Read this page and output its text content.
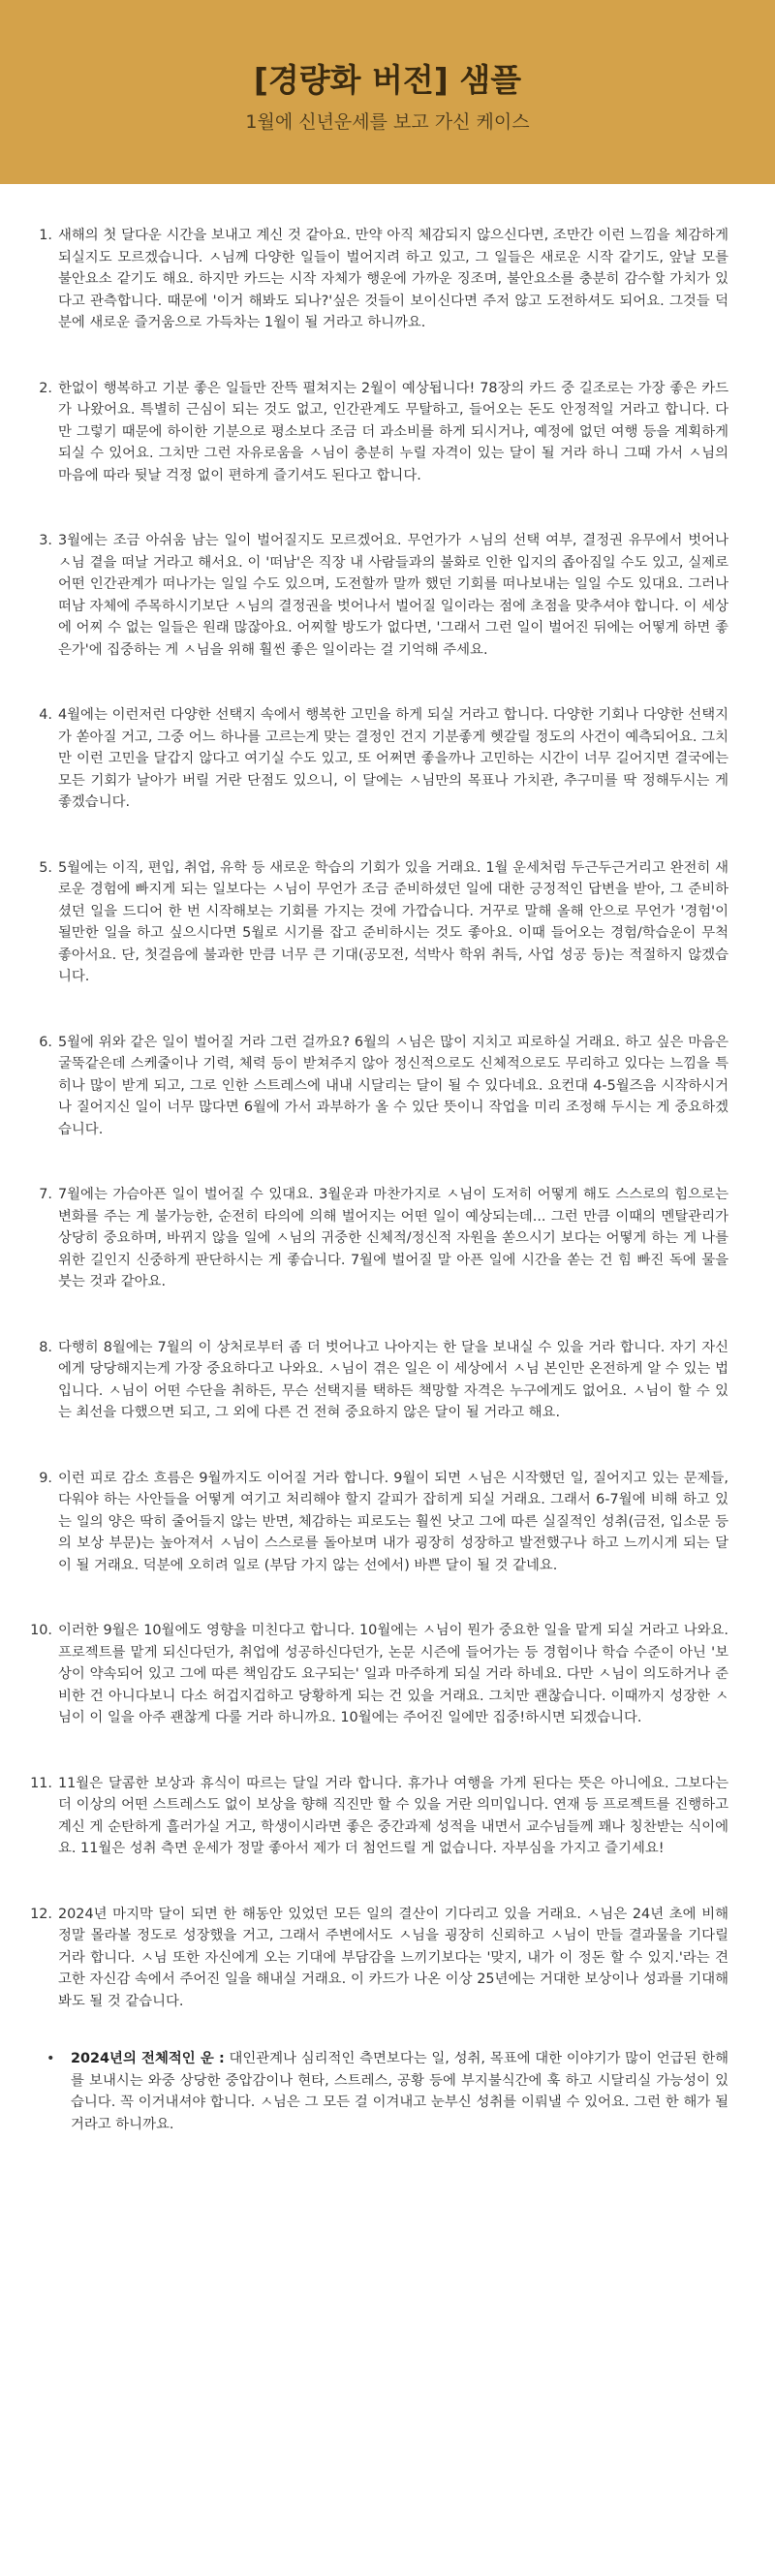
[경량화 버전] 샘플
1월에 신년운세를 보고 가신 케이스
1. 새해의 첫 달다운 시간을 보내고 계신 것 같아요. 만약 아직 체감되지 않으신다면, 조만간 이런 느낌을 체감하게 되실지도 모르겠습니다. ㅅ님께 다양한 일들이 벌어지려 하고 있고, 그 일들은 새로운 시작 같기도, 앞날 모를 불안요소 같기도 해요. 하지만 카드는 시작 자체가 행운에 가까운 징조며, 불안요소를 충분히 감수할 가치가 있다고 관측합니다. 때문에 '이거 해봐도 되나?'싶은 것들이 보이신다면 주저 않고 도전하셔도 되어요. 그것들 덕분에 새로운 즐거움으로 가득차는 1월이 될 거라고 하니까요.
2. 한없이 행복하고 기분 좋은 일들만 잔뜩 펼쳐지는 2월이 예상됩니다! 78장의 카드 중 길조로는 가장 좋은 카드가 나왔어요. 특별히 근심이 되는 것도 없고, 인간관계도 무탈하고, 들어오는 돈도 안정적일 거라고 합니다. 다만 그렇기 때문에 하이한 기분으로 평소보다 조금 더 과소비를 하게 되시거나, 예정에 없던 여행 등을 계획하게 되실 수 있어요. 그치만 그런 자유로움을 ㅅ님이 충분히 누릴 자격이 있는 달이 될 거라 하니 그때 가서 ㅅ님의 마음에 따라 뒷날 걱정 없이 편하게 즐기셔도 된다고 합니다.
3. 3월에는 조금 아쉬움 남는 일이 벌어질지도 모르겠어요. 무언가가 ㅅ님의 선택 여부, 결정권 유무에서 벗어나 ㅅ님 곁을 떠날 거라고 해서요. 이 '떠남'은 직장 내 사람들과의 불화로 인한 입지의 좁아짐일 수도 있고, 실제로 어떤 인간관계가 떠나가는 일일 수도 있으며, 도전할까 말까 했던 기회를 떠나보내는 일일 수도 있대요. 그러나 떠남 자체에 주목하시기보단 ㅅ님의 결정권을 벗어나서 벌어질 일이라는 점에 초점을 맞추셔야 합니다. 이 세상에 어찌 수 없는 일들은 원래 많잖아요. 어찌할 방도가 없다면, '그래서 그런 일이 벌어진 뒤에는 어떻게 하면 좋은가'에 집중하는 게 ㅅ님을 위해 훨씬 좋은 일이라는 걸 기억해 주세요.
4. 4월에는 이런저런 다양한 선택지 속에서 행복한 고민을 하게 되실 거라고 합니다. 다양한 기회나 다양한 선택지가 쏟아질 거고, 그중 어느 하나를 고르는게 맞는 결정인 건지 기분좋게 헷갈릴 정도의 사건이 예측되어요. 그치만 이런 고민을 달갑지 않다고 여기실 수도 있고, 또 어쩌면 좋을까나 고민하는 시간이 너무 길어지면 결국에는 모든 기회가 날아가 버릴 거란 단점도 있으니, 이 달에는 ㅅ님만의 목표나 가치관, 추구미를 딱 정해두시는 게 좋겠습니다.
5. 5월에는 이직, 편입, 취업, 유학 등 새로운 학습의 기회가 있을 거래요. 1월 운세처럼 두근두근거리고 완전히 새로운 경험에 빠지게 되는 일보다는 ㅅ님이 무언가 조금 준비하셨던 일에 대한 긍정적인 답변을 받아, 그 준비하셨던 일을 드디어 한 번 시작해보는 기회를 가지는 것에 가깝습니다. 거꾸로 말해 올해 안으로 무언가 '경험'이 될만한 일을 하고 싶으시다면 5월로 시기를 잡고 준비하시는 것도 좋아요. 이때 들어오는 경험/학습운이 무척 좋아서요. 단, 첫걸음에 불과한 만큼 너무 큰 기대(공모전, 석박사 학위 취득, 사업 성공 등)는 적절하지 않겠습니다.
6. 5월에 위와 같은 일이 벌어질 거라 그런 걸까요? 6월의 ㅅ님은 많이 지치고 피로하실 거래요. 하고 싶은 마음은 굴뚝같은데 스케줄이나 기력, 체력 등이 받쳐주지 않아 정신적으로도 신체적으로도 무리하고 있다는 느낌을 특히나 많이 받게 되고, 그로 인한 스트레스에 내내 시달리는 달이 될 수 있다네요. 요컨대 4-5월즈음 시작하시거나 질어지신 일이 너무 많다면 6월에 가서 과부하가 올 수 있단 뜻이니 작업을 미리 조정해 두시는 게 중요하겠습니다.
7. 7월에는 가슴아픈 일이 벌어질 수 있대요. 3월운과 마찬가지로 ㅅ님이 도저히 어떻게 해도 스스로의 힘으로는 변화를 주는 게 불가능한, 순전히 타의에 의해 벌어지는 어떤 일이 예상되는데... 그런 만큼 이때의 멘탈관리가 상당히 중요하며, 바뀌지 않을 일에 ㅅ님의 귀중한 신체적/정신적 자원을 쏟으시기 보다는 어떻게 하는 게 나를 위한 길인지 신중하게 판단하시는 게 좋습니다. 7월에 벌어질 말 아픈 일에 시간을 쏟는 건 힘 빠진 독에 물을 붓는 것과 같아요.
8. 다행히 8월에는 7월의 이 상처로부터 좀 더 벗어나고 나아지는 한 달을 보내실 수 있을 거라 합니다. 자기 자신에게 당당해지는게 가장 중요하다고 나와요. ㅅ님이 겪은 일은 이 세상에서 ㅅ님 본인만 온전하게 알 수 있는 법입니다. ㅅ님이 어떤 수단을 취하든, 무슨 선택지를 택하든 책망할 자격은 누구에게도 없어요. ㅅ님이 할 수 있는 최선을 다했으면 되고, 그 외에 다른 건 전혀 중요하지 않은 달이 될 거라고 해요.
9. 이런 피로 감소 흐름은 9월까지도 이어질 거라 합니다. 9월이 되면 ㅅ님은 시작했던 일, 질어지고 있는 문제들, 다워야 하는 사안들을 어떻게 여기고 처리해야 할지 갈피가 잡히게 되실 거래요. 그래서 6-7월에 비해 하고 있는 일의 양은 딱히 줄어들지 않는 반면, 체감하는 피로도는 훨씬 낫고 그에 따른 실질적인 성취(금전, 입소문 등의 보상 부문)는 높아져서 ㅅ님이 스스로를 돌아보며 내가 굉장히 성장하고 발전했구나 하고 느끼시게 되는 달이 될 거래요. 덕분에 오히려 일로 (부담 가지 않는 선에서) 바쁜 달이 될 것 같네요.
10. 이러한 9월은 10월에도 영향을 미친다고 합니다. 10월에는 ㅅ님이 뭔가 중요한 일을 맡게 되실 거라고 나와요. 프로젝트를 맡게 되신다던가, 취업에 성공하신다던가, 논문 시즌에 들어가는 등 경험이나 학습 수준이 아닌 '보상이 약속되어 있고 그에 따른 책임감도 요구되는' 일과 마주하게 되실 거라 하네요. 다만 ㅅ님이 의도하거나 준비한 건 아니다보니 다소 허겁지겁하고 당황하게 되는 건 있을 거래요. 그치만 괜찮습니다. 이때까지 성장한 ㅅ님이 이 일을 아주 괜찮게 다룰 거라 하니까요. 10월에는 주어진 일에만 집중!하시면 되겠습니다.
11. 11월은 달콤한 보상과 휴식이 따르는 달일 거라 합니다. 휴가나 여행을 가게 된다는 뜻은 아니에요. 그보다는 더 이상의 어떤 스트레스도 없이 보상을 향해 직진만 할 수 있을 거란 의미입니다. 연재 등 프로젝트를 진행하고 계신 게 순탄하게 흘러가실 거고, 학생이시라면 좋은 중간과제 성적을 내면서 교수님들께 꽤나 칭찬받는 식이에요. 11월은 성취 측면 운세가 정말 좋아서 제가 더 첨언드릴 게 없습니다. 자부심을 가지고 즐기세요!
12. 2024년 마지막 달이 되면 한 해동안 있었던 모든 일의 결산이 기다리고 있을 거래요. ㅅ님은 24년 초에 비해 정말 몰라볼 정도로 성장했을 거고, 그래서 주변에서도 ㅅ님을 굉장히 신뢰하고 ㅅ님이 만들 결과물을 기다릴 거라 합니다. ㅅ님 또한 자신에게 오는 기대에 부담감을 느끼기보다는 '맞지, 내가 이 정돈 할 수 있지.'라는 견고한 자신감 속에서 주어진 일을 해내실 거래요. 이 카드가 나온 이상 25년에는 거대한 보상이나 성과를 기대해 봐도 될 것 같습니다.
• 2024년의 전체적인 운 : 대인관계나 심리적인 측면보다는 일, 성취, 목표에 대한 이야기가 많이 언급된 한해를 보내시는 와중 상당한 중압감이나 현타, 스트레스, 공황 등에 부지불식간에 훅 하고 시달리실 가능성이 있습니다. 꼭 이거내셔야 합니다. ㅅ님은 그 모든 걸 이겨내고 눈부신 성취를 이뤄낼 수 있어요. 그런 한 해가 될 거라고 하니까요.
